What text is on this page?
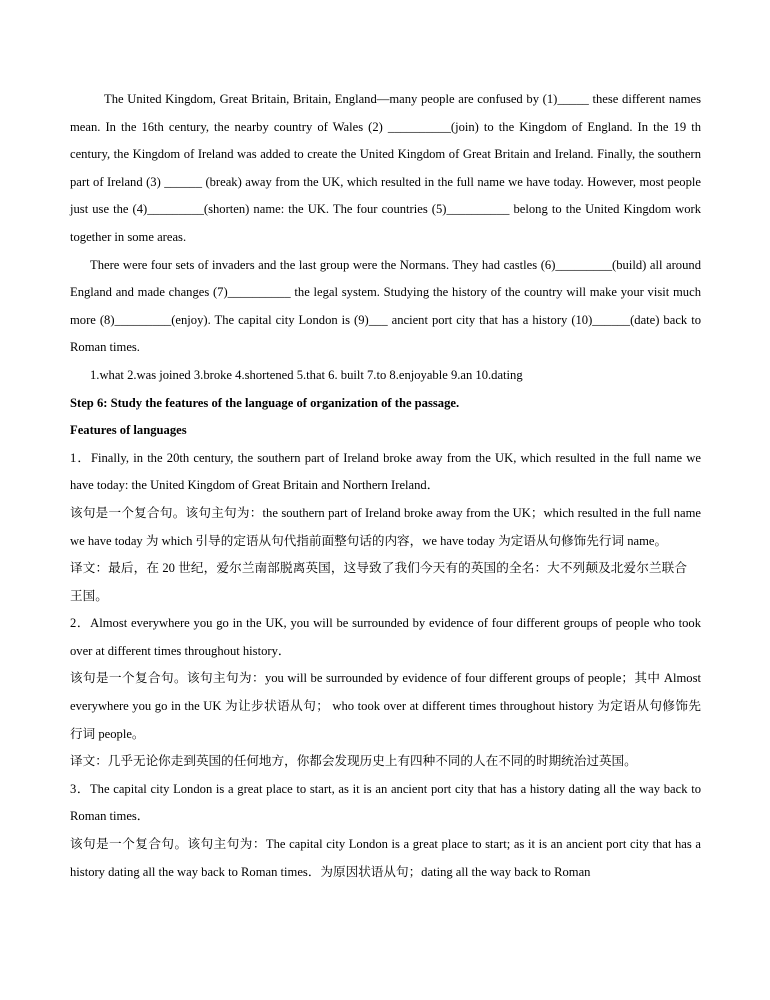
The United Kingdom, Great Britain, Britain, England—many people are confused by (1)_____ these different names mean. In the 16th century, the nearby country of Wales (2) __________(join) to the Kingdom of England. In the 19 th century, the Kingdom of Ireland was added to create the United Kingdom of Great Britain and Ireland. Finally, the southern part of Ireland (3) ______ (break) away from the UK, which resulted in the full name we have today. However, most people just use the (4)_________(shorten) name: the UK. The four countries (5)__________ belong to the United Kingdom work together in some areas.

There were four sets of invaders and the last group were the Normans. They had castles (6)_________(build) all around England and made changes (7)__________ the legal system. Studying the history of the country will make your visit much more (8)_________(enjoy). The capital city London is (9)___ ancient port city that has a history (10)______(date) back to Roman times.

1.what 2.was joined 3.broke 4.shortened 5.that 6. built 7.to 8.enjoyable 9.an 10.dating

Step 6: Study the features of the language of organization of the passage.

Features of languages

1．Finally, in the 20th century, the southern part of Ireland broke away from the UK, which resulted in the full name we have today: the United Kingdom of Great Britain and Northern Ireland．

该句是一个复合句。该句主句为：the southern part of Ireland broke away from the UK；which resulted in the full name we have today 为 which 引导的定语从句代指前面整句话的内容，we have today 为定语从句修饰先行词 name。

译文：最后，在 20 世纪，爱尔兰南部脱离英国，这导致了我们今天有的英国的全名：大不列颠及北爱尔兰联合王国。

2．Almost everywhere you go in the UK, you will be surrounded by evidence of four different groups of people who took over at different times throughout history．

该句是一个复合句。该句主句为：you will be surrounded by evidence of four different groups of people；其中 Almost everywhere you go in the UK 为让步状语从句； who took over at different times throughout history 为定语从句修饰先行词 people。

译文：几乎无论你走到英国的任何地方，你都会发现历史上有四种不同的人在不同的时期统治过英国。

3．The capital city London is a great place to start, as it is an ancient port city that has a history dating all the way back to Roman times．

该句是一个复合句。该句主句为：The capital city London is a great place to start; as it is an ancient port city that has a history dating all the way back to Roman times．为原因状语从句；dating all the way back to Roman
